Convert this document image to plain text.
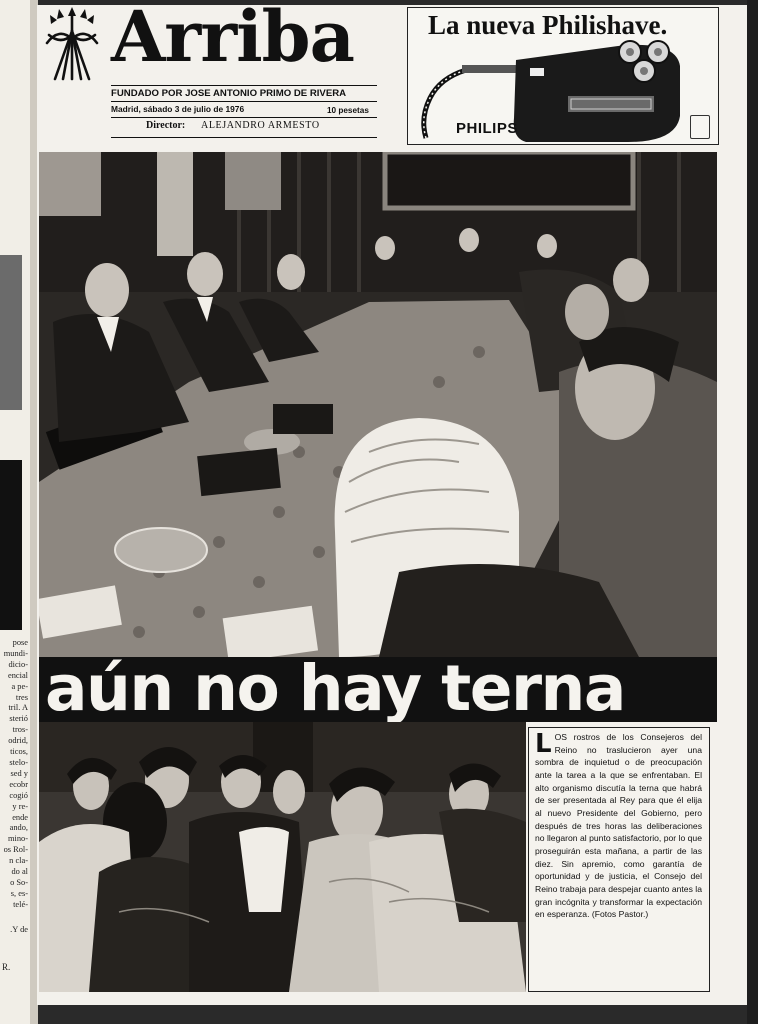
pose
mundi-
dicio-
encial
a pe-
tres
tril. A
sterió
tros-
odrid,
ticos,
stelo-
sed y
ecobr
cogió
y re-
ende
ando,
mino-
os Rol-
n cla-
do al
o So-
s, es-
telé-
.Y de
R.
Arriba
FUNDADO POR JOSE ANTONIO PRIMO DE RIVERA
Madrid, sábado 3 de julio de 1976	10 pesetas
Director: ALEJANDRO ARMESTO
La nueva Philishave.
PHILIPS
aún no hay terna
LOS rostros de los Consejeros del Reino no traslucieron ayer una sombra de inquietud o de preocupación ante la tarea a la que se enfrentaban. El alto organismo discutía la terna que habrá de ser presentada al Rey para que él elija al nuevo Presidente del Gobierno, pero después de tres horas las deliberaciones no llegaron al punto satisfactorio, por lo que proseguirán esta mañana, a partir de las diez. Sin apremio, como garantía de oportunidad y de justicia, el Consejo del Reino trabaja para despejar cuanto antes la gran incógnita y transformar la expectación en esperanza. (Fotos Pastor.)
